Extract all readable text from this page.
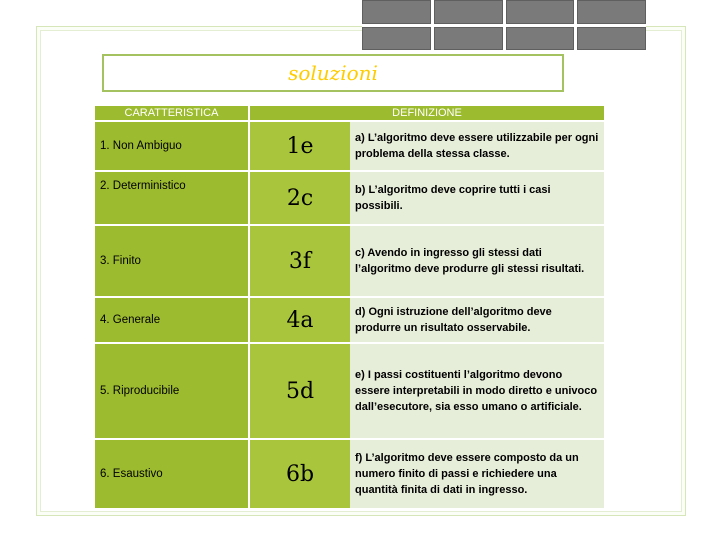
soluzioni
CARATTERISTICA		DEFINIZIONE	
1. Non Ambiguo		1e	a) L’algoritmo deve essere utilizzabile per ogni problema della stessa classe.
2. Deterministico		2c	b) L’algoritmo deve coprire tutti i casi possibili.
3. Finito		3f	c) Avendo in ingresso gli stessi dati l’algoritmo deve produrre gli stessi risultati.
4. Generale		4a	d) Ogni istruzione dell’algoritmo deve produrre un risultato osservabile.
5. Riproducibile		5d	e) I passi costituenti l’algoritmo devono essere interpretabili in modo diretto e univoco dall’esecutore, sia esso umano o artificiale.
6. Esaustivo		6b	f) L’algoritmo deve essere composto da un numero finito di passi e richiedere una quantità finita di dati in ingresso.
